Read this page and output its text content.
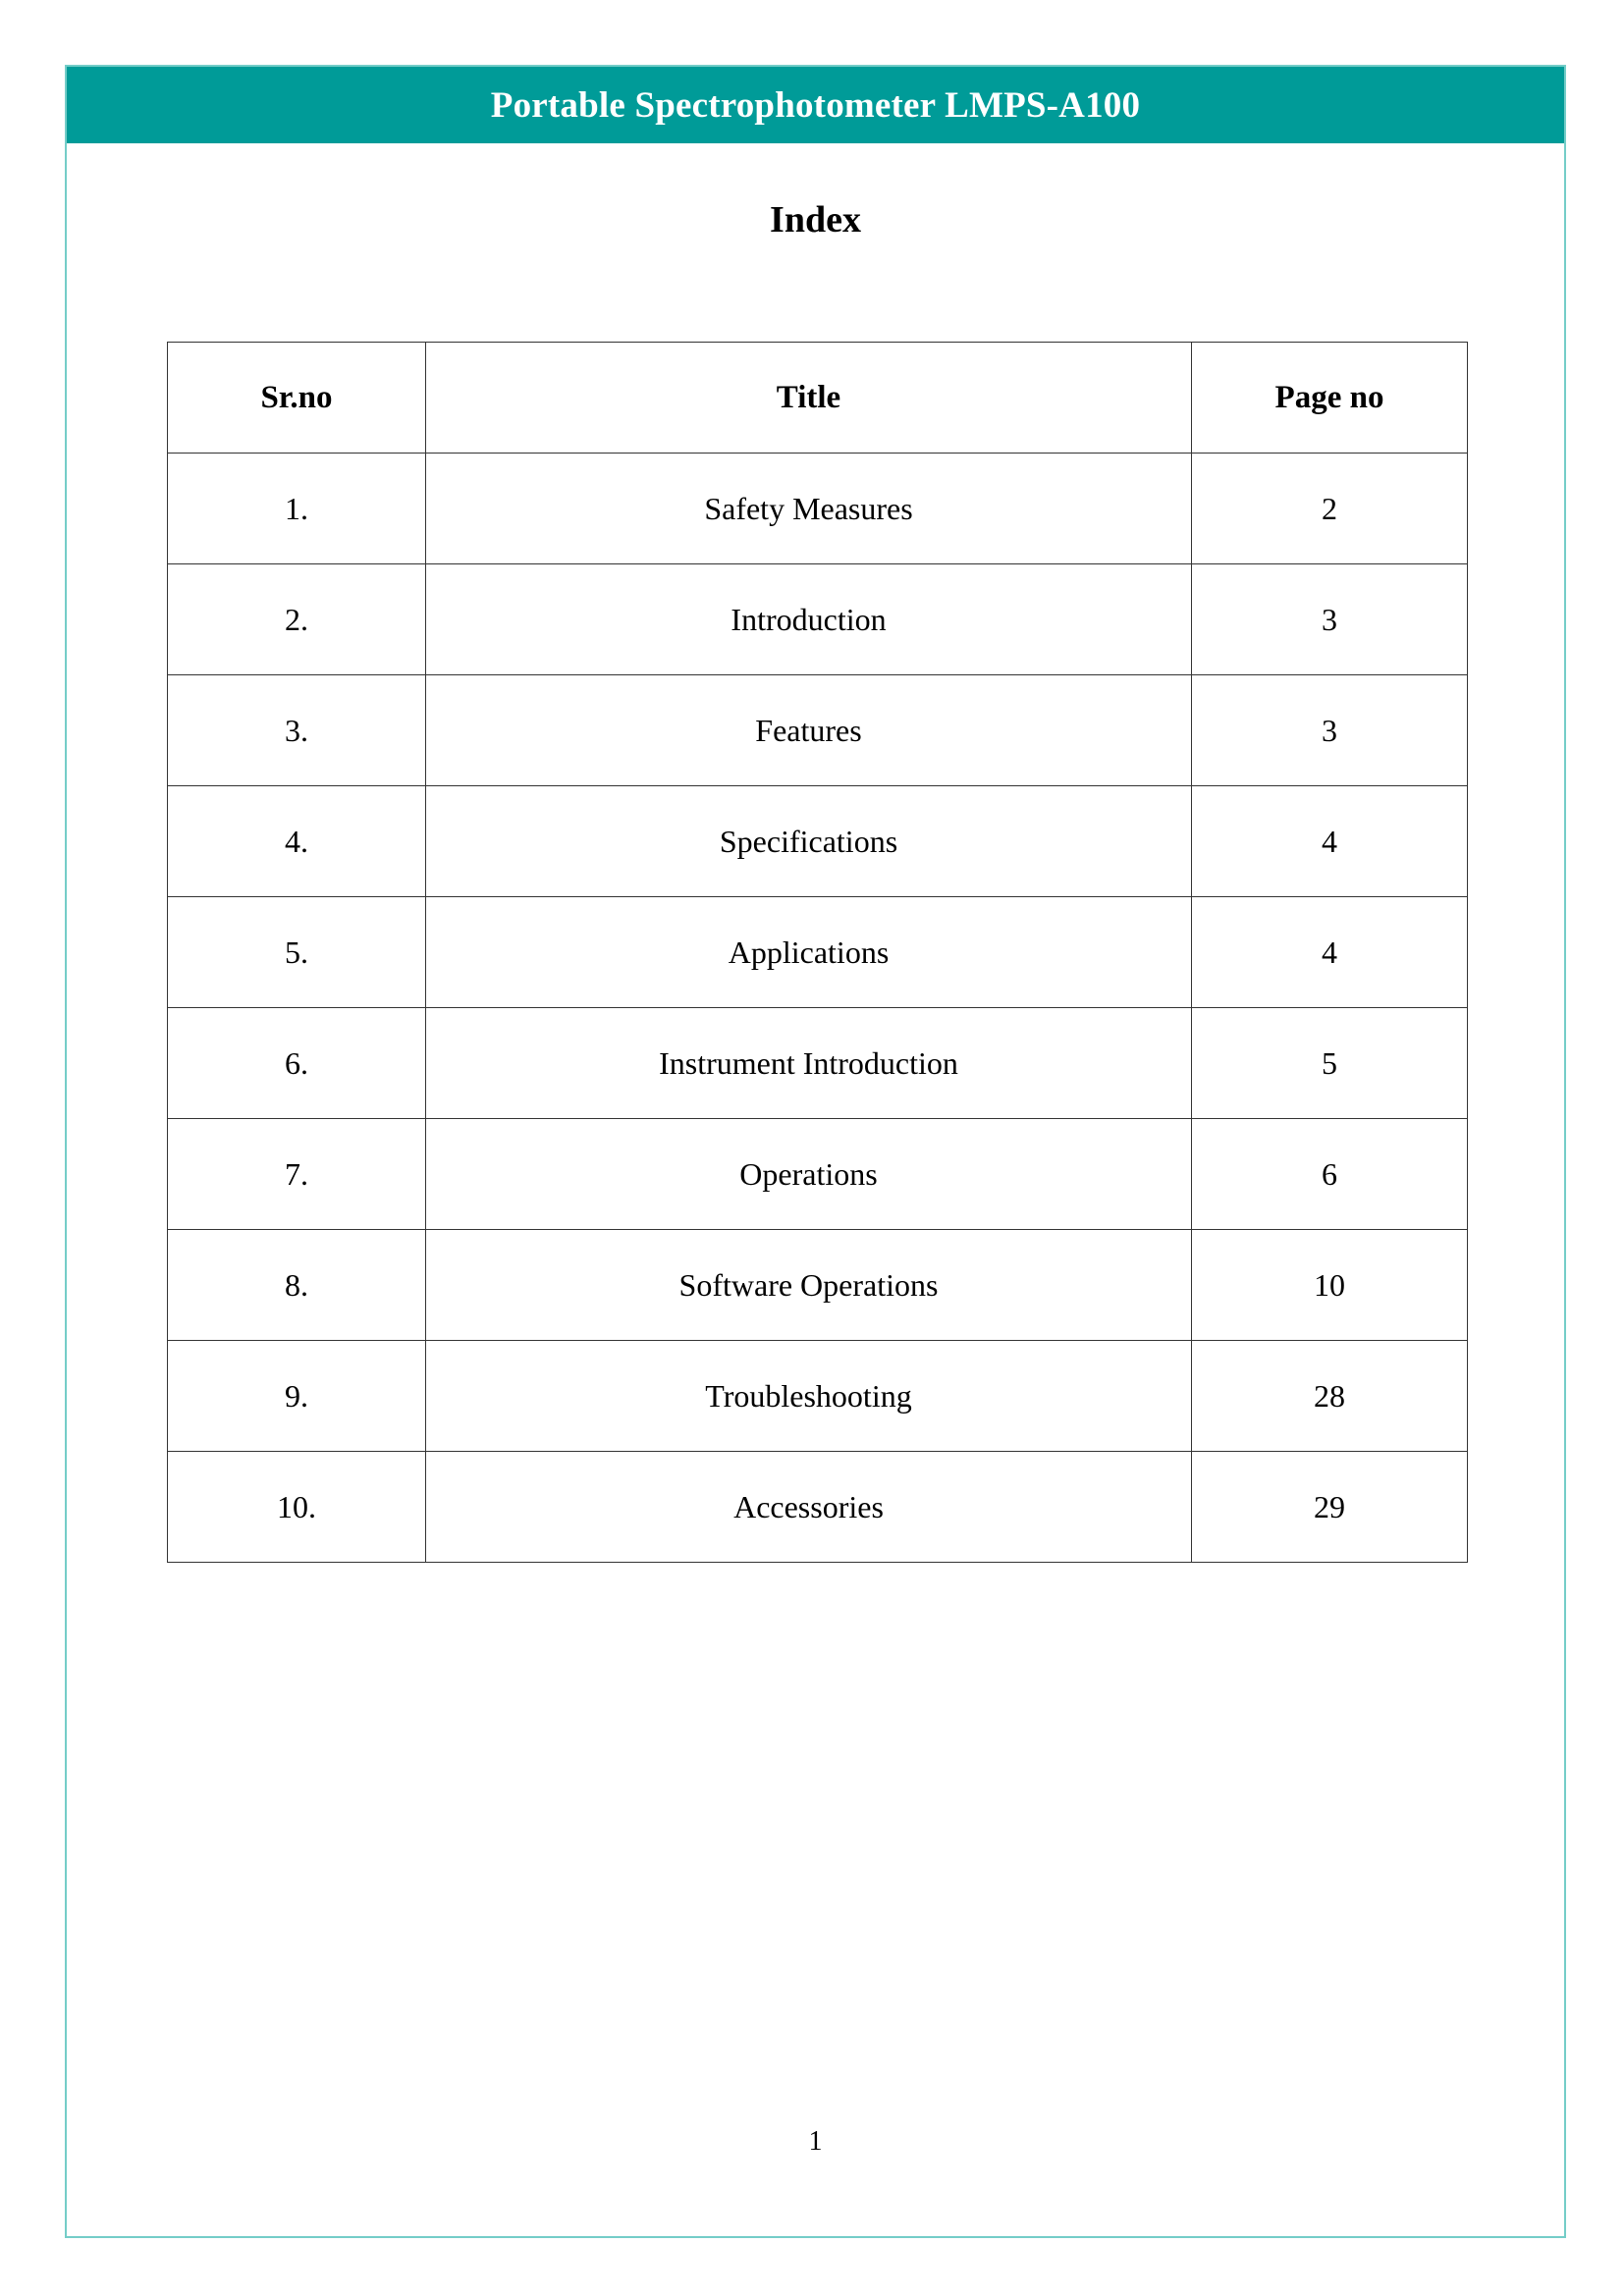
Portable Spectrophotometer LMPS-A100
Index
Sr.no	Title	Page no
1.	Safety Measures	2
2.	Introduction	3
3.	Features	3
4.	Specifications	4
5.	Applications	4
6.	Instrument Introduction	5
7.	Operations	6
8.	Software Operations	10
9.	Troubleshooting	28
10.	Accessories	29
1
